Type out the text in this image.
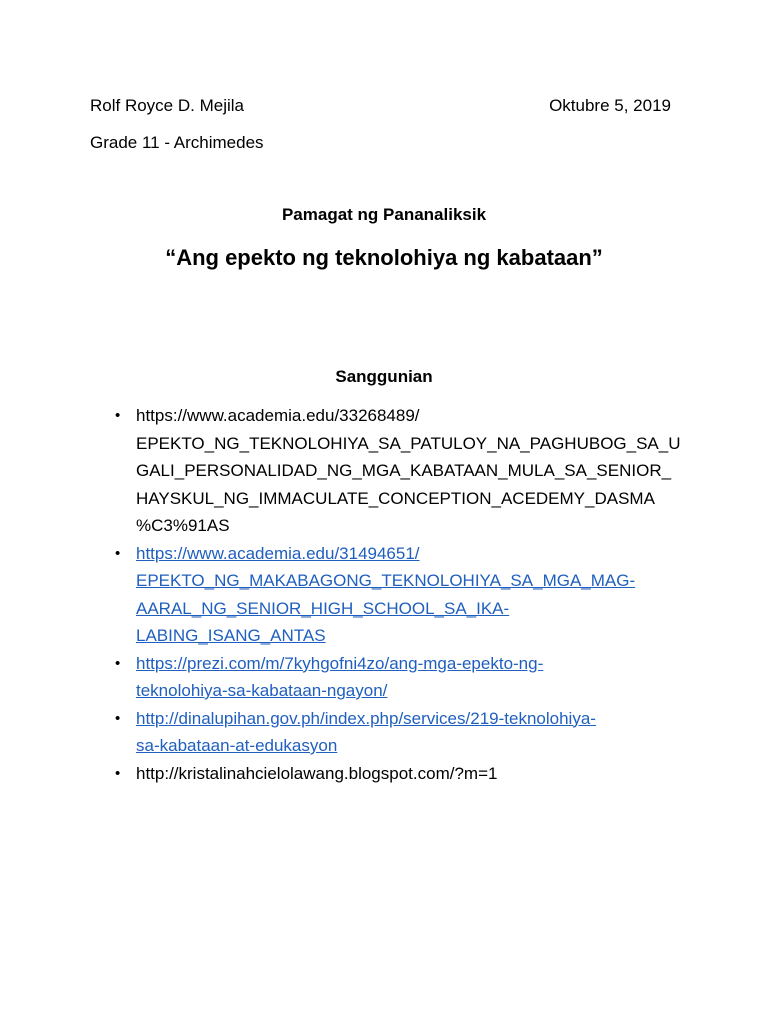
Rolf Royce D. Mejila	Oktubre 5, 2019
Grade 11 - Archimedes
Pamagat ng Pananaliksik
“Ang epekto ng teknolohiya ng kabataan”
Sanggunian
• https://www.academia.edu/33268489/
EPEKTO_NG_TEKNOLOHIYA_SA_PATULOY_NA_PAGHUBOG_SA_U
GALI_PERSONALIDAD_NG_MGA_KABATAAN_MULA_SA_SENIOR_
HAYSKUL_NG_IMMACULATE_CONCEPTION_ACEDEMY_DASMA
%C3%91AS
• https://www.academia.edu/31494651/
EPEKTO_NG_MAKABAGONG_TEKNOLOHIYA_SA_MGA_MAG-
AARAL_NG_SENIOR_HIGH_SCHOOL_SA_IKA-
LABING_ISANG_ANTAS
• https://prezi.com/m/7kyhgofni4zo/ang-mga-epekto-ng-
teknolohiya-sa-kabataan-ngayon/
• http://dinalupihan.gov.ph/index.php/services/219-teknolohiya-
sa-kabataan-at-edukasyon
• http://kristalinahcielolawang.blogspot.com/?m=1
